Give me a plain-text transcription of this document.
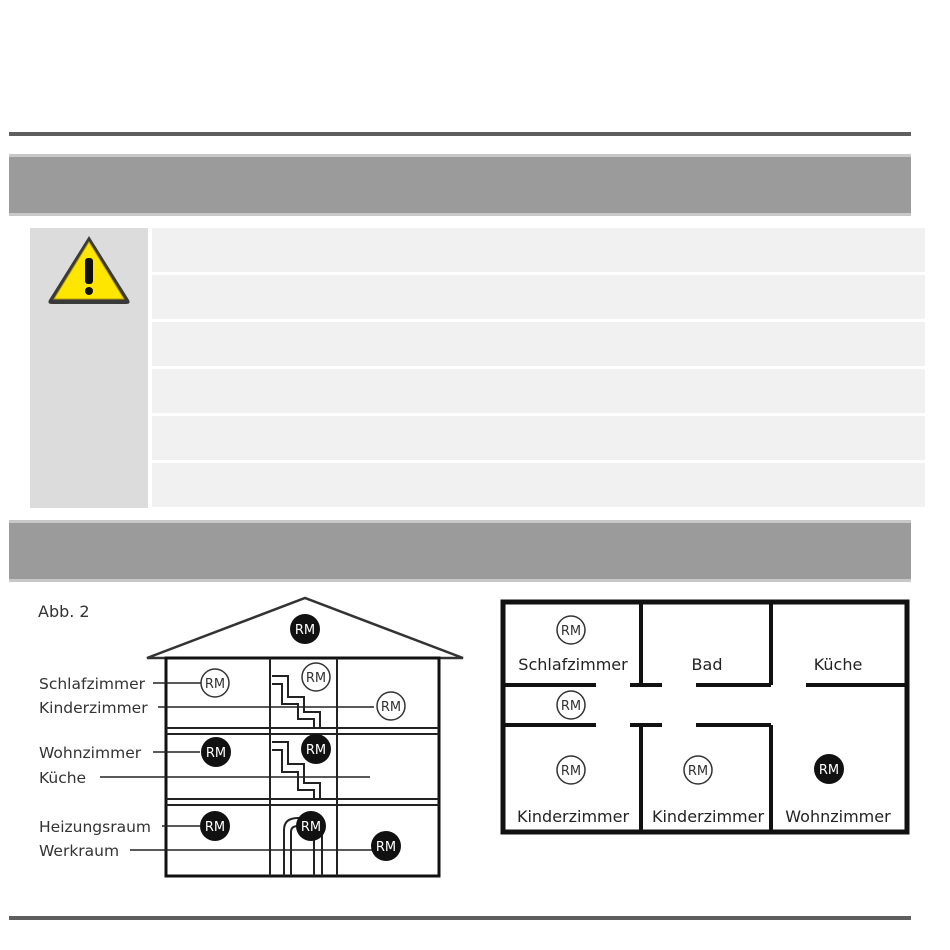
Abb. 2
Schlafzimmer
Kinderzimmer
Wohnzimmer
Küche
Heizungsraum
Werkraum
RM
RM	RM
RM	RM
RM
RM	RM
RM
Schlafzimmer	Bad	Küche
Kinderzimmer Kinderzimmer Wohnzimmer
RM
RM
RM	RM	RM
